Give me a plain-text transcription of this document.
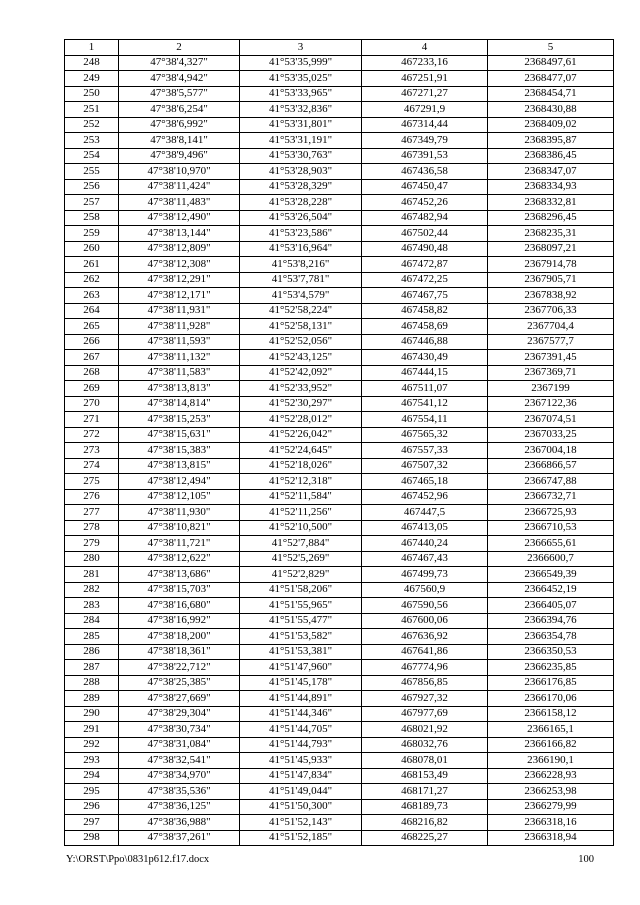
1	2	3	4	5
248	47°38'4,327"	41°53'35,999"	467233,16	2368497,61
249	47°38'4,942"	41°53'35,025"	467251,91	2368477,07
250	47°38'5,577"	41°53'33,965"	467271,27	2368454,71
251	47°38'6,254"	41°53'32,836"	467291,9	2368430,88
252	47°38'6,992"	41°53'31,801"	467314,44	2368409,02
253	47°38'8,141"	41°53'31,191"	467349,79	2368395,87
254	47°38'9,496"	41°53'30,763"	467391,53	2368386,45
255	47°38'10,970"	41°53'28,903"	467436,58	2368347,07
256	47°38'11,424"	41°53'28,329"	467450,47	2368334,93
257	47°38'11,483"	41°53'28,228"	467452,26	2368332,81
258	47°38'12,490"	41°53'26,504"	467482,94	2368296,45
259	47°38'13,144"	41°53'23,586"	467502,44	2368235,31
260	47°38'12,809"	41°53'16,964"	467490,48	2368097,21
261	47°38'12,308"	41°53'8,216"	467472,87	2367914,78
262	47°38'12,291"	41°53'7,781"	467472,25	2367905,71
263	47°38'12,171"	41°53'4,579"	467467,75	2367838,92
264	47°38'11,931"	41°52'58,224"	467458,82	2367706,33
265	47°38'11,928"	41°52'58,131"	467458,69	2367704,4
266	47°38'11,593"	41°52'52,056"	467446,88	2367577,7
267	47°38'11,132"	41°52'43,125"	467430,49	2367391,45
268	47°38'11,583"	41°52'42,092"	467444,15	2367369,71
269	47°38'13,813"	41°52'33,952"	467511,07	2367199
270	47°38'14,814"	41°52'30,297"	467541,12	2367122,36
271	47°38'15,253"	41°52'28,012"	467554,11	2367074,51
272	47°38'15,631"	41°52'26,042"	467565,32	2367033,25
273	47°38'15,383"	41°52'24,645"	467557,33	2367004,18
274	47°38'13,815"	41°52'18,026"	467507,32	2366866,57
275	47°38'12,494"	41°52'12,318"	467465,18	2366747,88
276	47°38'12,105"	41°52'11,584"	467452,96	2366732,71
277	47°38'11,930"	41°52'11,256"	467447,5	2366725,93
278	47°38'10,821"	41°52'10,500"	467413,05	2366710,53
279	47°38'11,721"	41°52'7,884"	467440,24	2366655,61
280	47°38'12,622"	41°52'5,269"	467467,43	2366600,7
281	47°38'13,686"	41°52'2,829"	467499,73	2366549,39
282	47°38'15,703"	41°51'58,206"	467560,9	2366452,19
283	47°38'16,680"	41°51'55,965"	467590,56	2366405,07
284	47°38'16,992"	41°51'55,477"	467600,06	2366394,76
285	47°38'18,200"	41°51'53,582"	467636,92	2366354,78
286	47°38'18,361"	41°51'53,381"	467641,86	2366350,53
287	47°38'22,712"	41°51'47,960"	467774,96	2366235,85
288	47°38'25,385"	41°51'45,178"	467856,85	2366176,85
289	47°38'27,669"	41°51'44,891"	467927,32	2366170,06
290	47°38'29,304"	41°51'44,346"	467977,69	2366158,12
291	47°38'30,734"	41°51'44,705"	468021,92	2366165,1
292	47°38'31,084"	41°51'44,793"	468032,76	2366166,82
293	47°38'32,541"	41°51'45,933"	468078,01	2366190,1
294	47°38'34,970"	41°51'47,834"	468153,49	2366228,93
295	47°38'35,536"	41°51'49,044"	468171,27	2366253,98
296	47°38'36,125"	41°51'50,300"	468189,73	2366279,99
297	47°38'36,988"	41°51'52,143"	468216,82	2366318,16
298	47°38'37,261"	41°51'52,185"	468225,27	2366318,94
Y:\ORST\Ppo\0831p612.f17.docx	100
